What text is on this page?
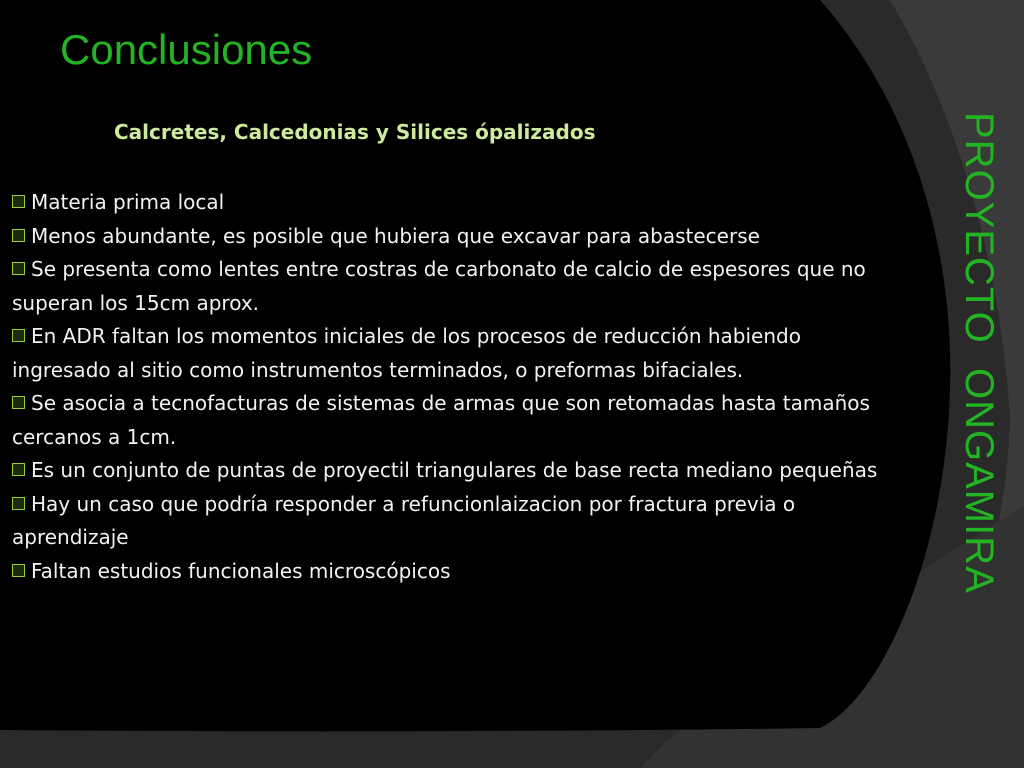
Conclusiones
Calcretes, Calcedonias y Silices ópalizados
Materia prima local
Menos abundante, es posible que hubiera que excavar para abastecerse
Se presenta como lentes entre costras de carbonato de calcio de espesores que no superan los 15cm aprox.
En ADR faltan los momentos iniciales de los procesos de reducción habiendo ingresado al sitio como instrumentos terminados, o preformas bifaciales.
Se asocia a tecnofacturas de sistemas de armas que son retomadas hasta tamaños cercanos a 1cm.
Es un conjunto de puntas de proyectil triangulares de base recta mediano pequeñas
Hay un caso que podría responder a refuncionlaizacion por fractura previa o aprendizaje
Faltan estudios funcionales microscópicos	PROYECTO  ONGAMIRA
